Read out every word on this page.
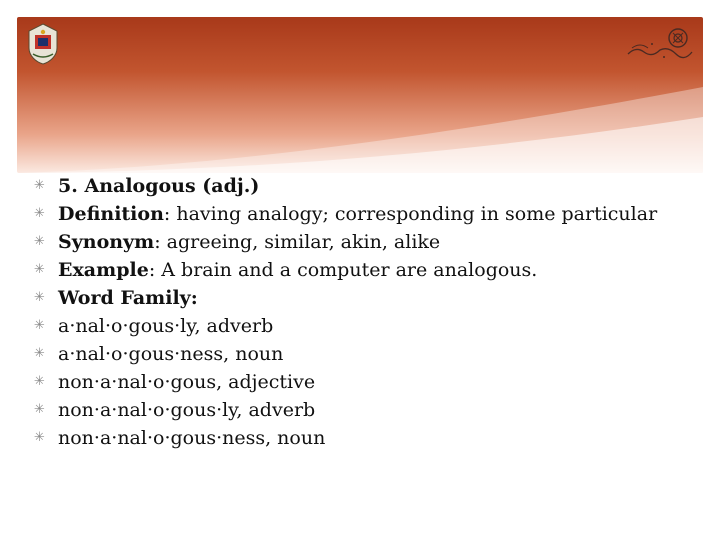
✳ 5. Analogous (adj.)
✳ Definition: having analogy; corresponding in some particular
✳ Synonym: agreeing, similar, akin, alike
✳ Example: A brain and a computer are analogous.
✳ Word Family:
✳ a·nal·o·gous·ly, adverb
✳ a·nal·o·gous·ness, noun
✳ non·a·nal·o·gous, adjective
✳ non·a·nal·o·gous·ly, adverb
✳ non·a·nal·o·gous·ness, noun
